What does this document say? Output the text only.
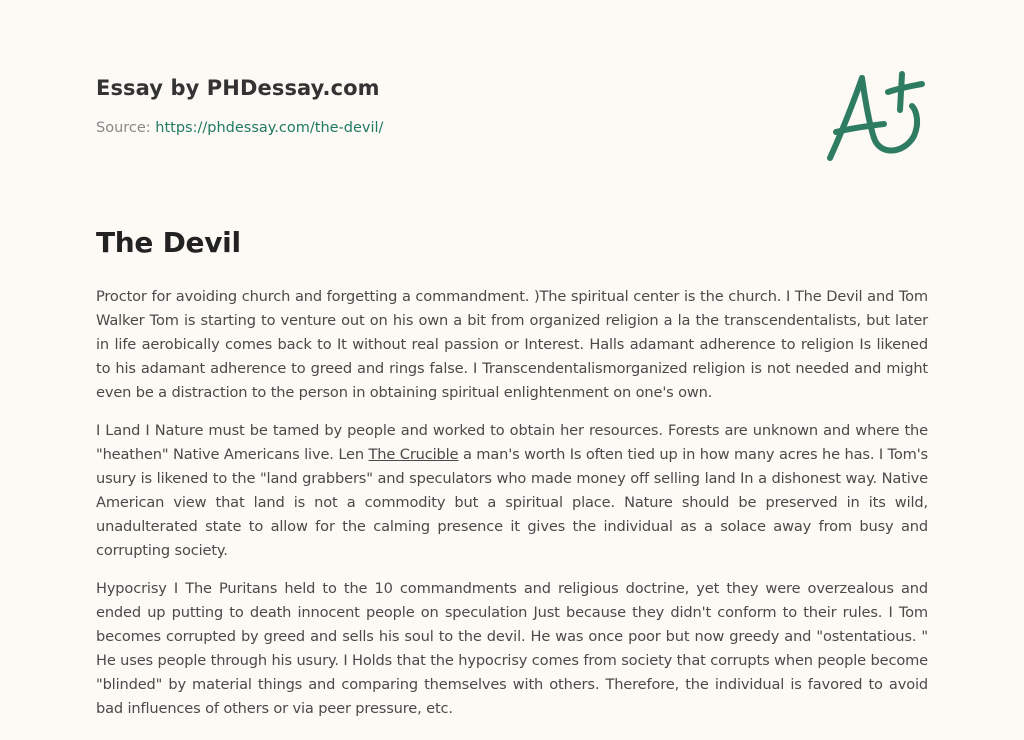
Essay by PHDessay.com
Source: https://phdessay.com/the-devil/
The Devil

Proctor for avoiding church and forgetting a commandment. )The spiritual center is the church. I The Devil and Tom Walker Tom is starting to venture out on his own a bit from organized religion a la the transcendentalists, but later in life aerobically comes back to It without real passion or Interest. Halls adamant adherence to religion Is likened to his adamant adherence to greed and rings false. I Transcendentalismorganized religion is not needed and might even be a distraction to the person in obtaining spiritual enlightenment on one's own.

I Land I Nature must be tamed by people and worked to obtain her resources. Forests are unknown and where the "heathen" Native Americans live. Len The Crucible a man's worth Is often tied up in how many acres he has. I Tom's usury is likened to the "land grabbers" and speculators who made money off selling land In a dishonest way. Native American view that land is not a commodity but a spiritual place. Nature should be preserved in its wild, unadulterated state to allow for the calming presence it gives the individual as a solace away from busy and corrupting society.

Hypocrisy I The Puritans held to the 10 commandments and religious doctrine, yet they were overzealous and ended up putting to death innocent people on speculation Just because they didn't conform to their rules. I Tom becomes corrupted by greed and sells his soul to the devil. He was once poor but now greedy and "ostentatious. " He uses people through his usury. I Holds that the hypocrisy comes from society that corrupts when people become "blinded" by material things and comparing themselves with others. Therefore, the individual is favored to avoid bad influences of others or via peer pressure, etc.
